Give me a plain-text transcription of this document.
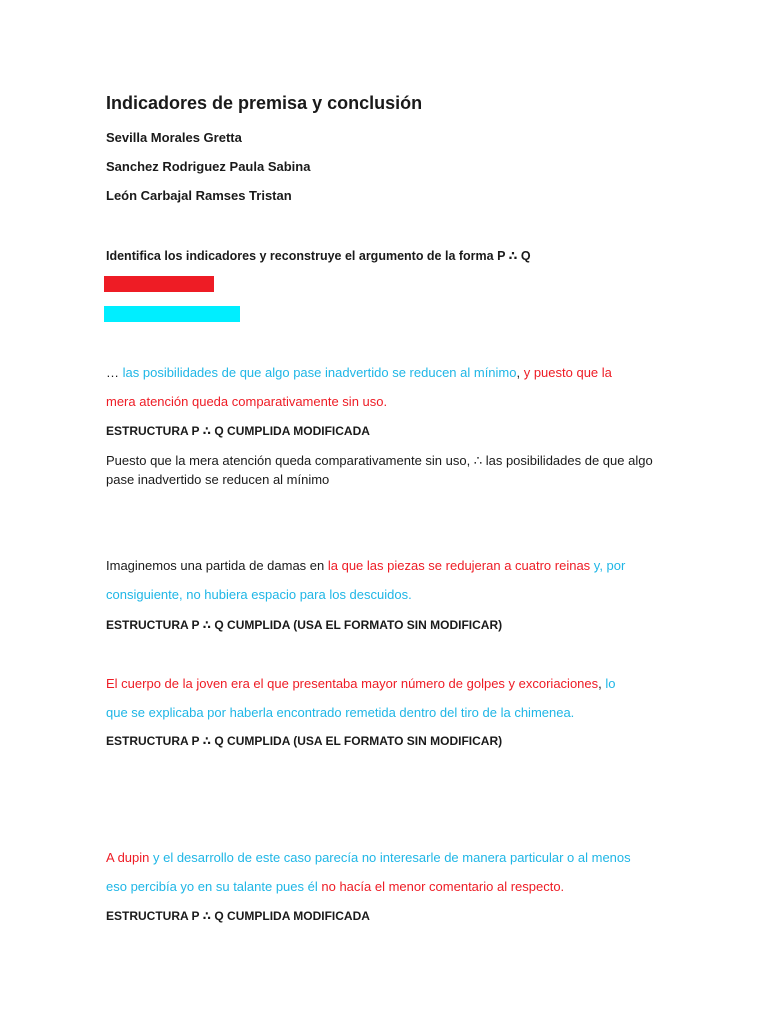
Indicadores de premisa y conclusión
Sevilla Morales Gretta
Sanchez Rodriguez Paula Sabina
León Carbajal Ramses Tristan
Identifica los indicadores y reconstruye el argumento de la forma P ∴ Q
… las posibilidades de que algo pase inadvertido se reducen al mínimo, y puesto que la
mera atención queda comparativamente sin uso.
ESTRUCTURA P ∴ Q CUMPLIDA MODIFICADA
Puesto que la mera atención queda comparativamente sin uso, ∴ las posibilidades de que algo
pase inadvertido se reducen al mínimo
Imaginemos una partida de damas en la que las piezas se redujeran a cuatro reinas y, por
consiguiente, no hubiera espacio para los descuidos.
ESTRUCTURA P ∴ Q CUMPLIDA (USA EL FORMATO SIN MODIFICAR)
El cuerpo de la joven era el que presentaba mayor número de golpes y excoriaciones, lo
que se explicaba por haberla encontrado remetida dentro del tiro de la chimenea.
ESTRUCTURA P ∴ Q CUMPLIDA (USA EL FORMATO SIN MODIFICAR)
A dupin y el desarrollo de este caso parecía no interesarle de manera particular o al menos
eso percibía yo en su talante pues él no hacía el menor comentario al respecto.
ESTRUCTURA P ∴ Q CUMPLIDA MODIFICADA
